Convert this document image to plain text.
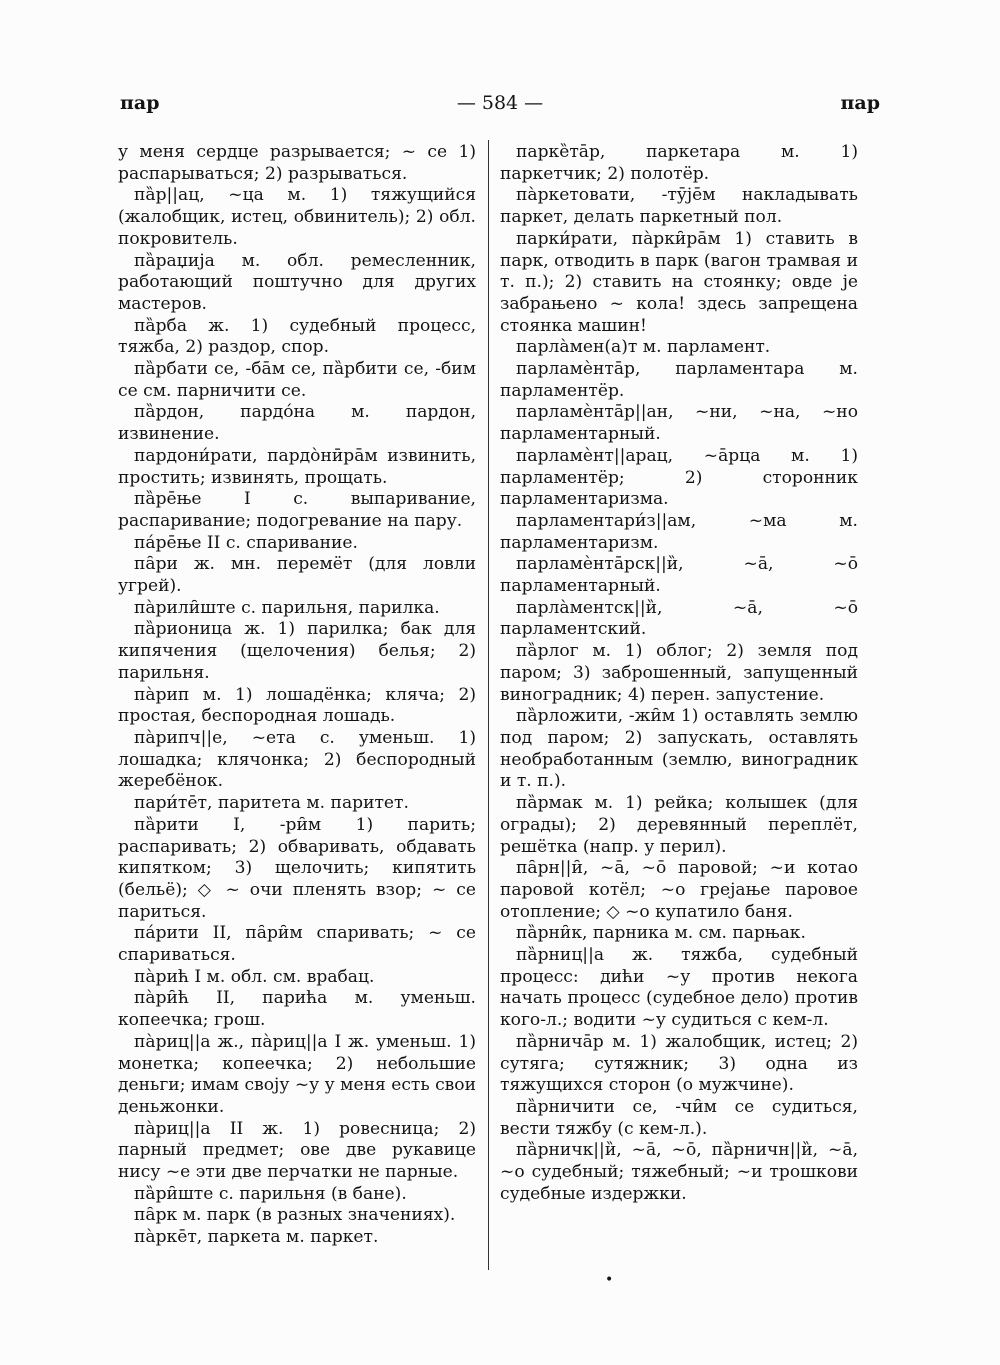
пар	— 584 —	пар

у меня сердце разрывается; ~ се 1) распарываться; 2) разрываться.

па̏р||ац, ~ца м. 1) тяжущийся (жалобщик, истец, обвинитель); 2) обл. покровитель.

па̏раџија м. обл. ремесленник, работающий поштучно для других мастеров.

па̏рба ж. 1) судебный процесс, тяжба, 2) раздор, спор.

па̏рбати се, -ба̄м се, па̏рбити се, -бим се см. парничити се.

па̏рдон, пардо́на м. пардон, извинение.

пардони́рати, пардо̀нӣра̄м извинить, простить; извинять, прощать.

па̏ре̄ње I с. выпаривание, распаривание; подогревание на пару.

па́ре̄ње II с. спаривание.

па̑ри ж. мн. перемёт (для ловли угрей).

па̀рили̑ште с. парильня, парилка.

па̏рионица ж. 1) парилка; бак для кипячения (щелочения) белья; 2) парильня.

па̀рип м. 1) лошадёнка; кляча; 2) простая, беспородная лошадь.

па̀рипч||е, ~ета с. уменьш. 1) лошадка; клячонка; 2) беспородный жеребёнок.

пари́те̄т, паритета м. паритет.

па̏рити I, -ри̑м 1) парить; распаривать; 2) обваривать, обдавать кипятком; 3) щелочить; кипятить (бельё); ◇ ~ очи пленять взор; ~ се париться.

па́рити II, па̑ри̑м спаривать; ~ се спариваться.

па̀рић I м. обл. см. врабац.

па̀ри̑ћ II, парића м. уменьш. копеечка; грош.

па̀риц||а ж., па̀риц||а I ж. уменьш. 1) монетка; копеечка; 2) небольшие деньги; имам своју ~у у меня есть свои деньжонки.

па̀риц||а II ж. 1) ровесница; 2) парный предмет; ове две рукавице нису ~е эти две перчатки не парные.

па̏ри̑ште с. парильня (в бане).

па̑рк м. парк (в разных значениях).

па̀рке̄т, паркета м. паркет.

парке̏та̄р, паркетара м. 1) паркетчик; 2) полотёр.

па̀ркетовати, -тӯје̄м накладывать паркет, делать паркетный пол.

парки́рати, па̀рки̑ра̄м 1) ставить в парк, отводить в парк (вагон трамвая и т. п.); 2) ставить на стоянку; овде је забрањено ~ кола! здесь запрещена стоянка машин!

парла̀мен(а)т м. парламент.

парламѐнта̄р, парламентара м. парламентёр.

парламѐнта̄р||ан, ~ни, ~на, ~но парламентарный.

парламѐнт||арац, ~а̄рца м. 1) парламентёр; 2) сторонник парламентаризма.

парламентари́з||ам, ~ма м. парламентаризм.

парламѐнта̄рск||и̏, ~а̄, ~о̄ парламентарный.

парла̀ментск||и̏, ~а̄, ~о̄ парламентский.

па̏рлог м. 1) облог; 2) земля под паром; 3) заброшенный, запущенный виноградник; 4) перен. запустение.

па̏рложити, -жи̑м 1) оставлять землю под паром; 2) запускать, оставлять необработанным (землю, виноградник и т. п.).

па̏рмак м. 1) рейка; колышек (для ограды); 2) деревянный переплёт, решётка (напр. у перил).

па̑рн||и̑, ~а̄, ~о̄ паровой; ~и котао паровой котёл; ~о грејање паровое отопление; ◇ ~о купатило баня.

па̏рни̑к, парника м. см. парњак.

па̏рниц||а ж. тяжба, судебный процесс: дићи ~у против некога начать процесс (судебное дело) против кого-л.; водити ~у судиться с кем-л.

па̏рнича̄р м. 1) жалобщик, истец; 2) сутяга; сутяжник; 3) одна из тяжущихся сторон (о мужчине).

па̏рничити се, -чи̑м се судиться, вести тяжбу (с кем-л.).

па̏рничк||и̏, ~а̄, ~о̄, па̏рничн||и̏, ~а̄, ~о судебный; тяжебный; ~и трошкови судебные издержки.

•
